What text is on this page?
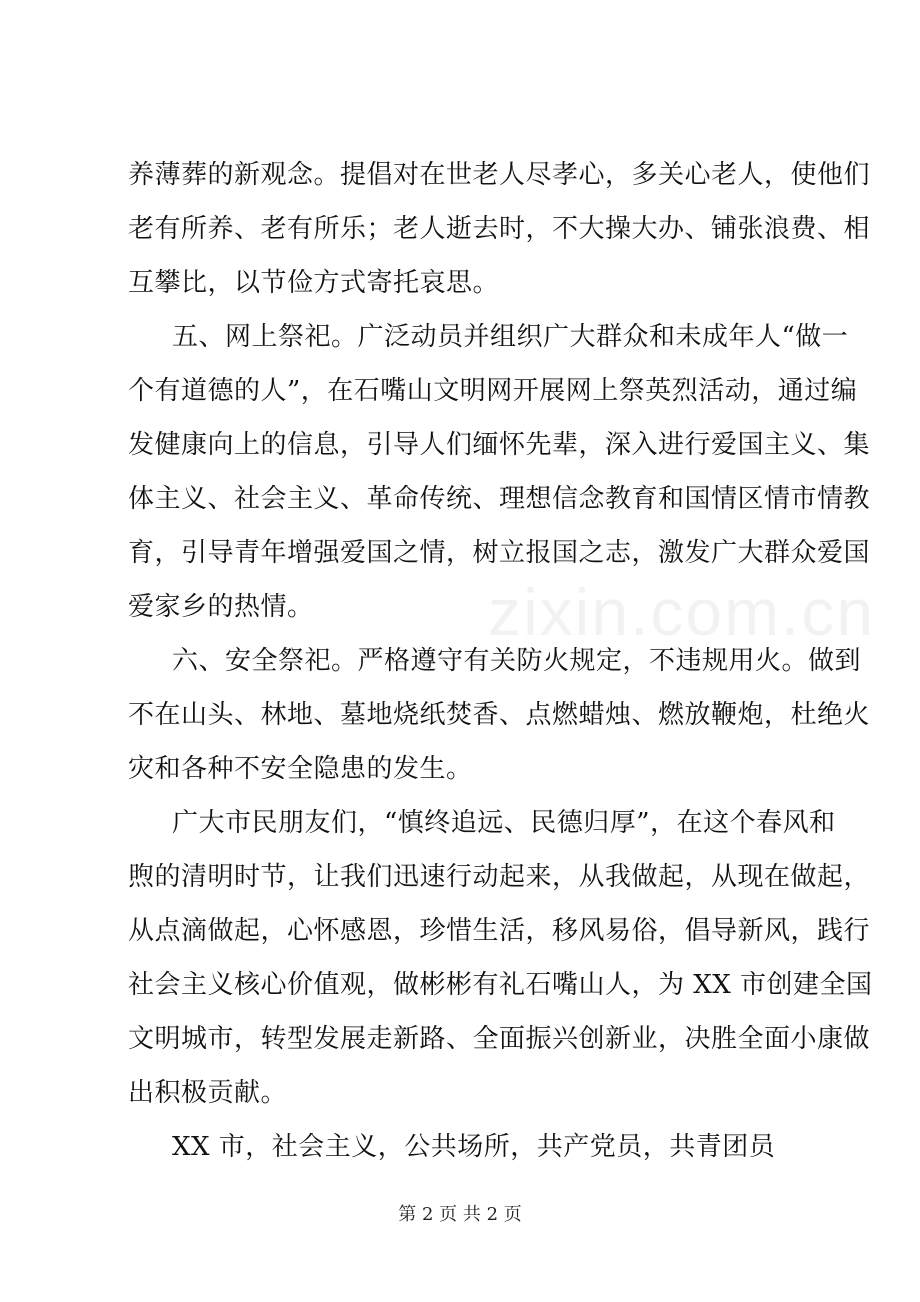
养薄葬的新观念。提倡对在世老人尽孝心，多关心老人，使他们
老有所养、老有所乐；老人逝去时，不大操大办、铺张浪费、相
互攀比，以节俭方式寄托哀思。
五、网上祭祀。广泛动员并组织广大群众和未成年人“做一
个有道德的人”，在石嘴山文明网开展网上祭英烈活动，通过编
发健康向上的信息，引导人们缅怀先辈，深入进行爱国主义、集
体主义、社会主义、革命传统、理想信念教育和国情区情市情教
育，引导青年增强爱国之情，树立报国之志，激发广大群众爱国
爱家乡的热情。
六、安全祭祀。严格遵守有关防火规定，不违规用火。做到
不在山头、林地、墓地烧纸焚香、点燃蜡烛、燃放鞭炮，杜绝火
灾和各种不安全隐患的发生。
广大市民朋友们，“慎终追远、民德归厚”，在这个春风和
煦的清明时节，让我们迅速行动起来，从我做起，从现在做起，
从点滴做起，心怀感恩，珍惜生活，移风易俗，倡导新风，践行
社会主义核心价值观，做彬彬有礼石嘴山人，为 XX 市创建全国
文明城市，转型发展走新路、全面振兴创新业，决胜全面小康做
出积极贡献。
XX 市，社会主义，公共场所，共产党员，共青团员
zixin.com.cn
第 2 页 共 2 页
